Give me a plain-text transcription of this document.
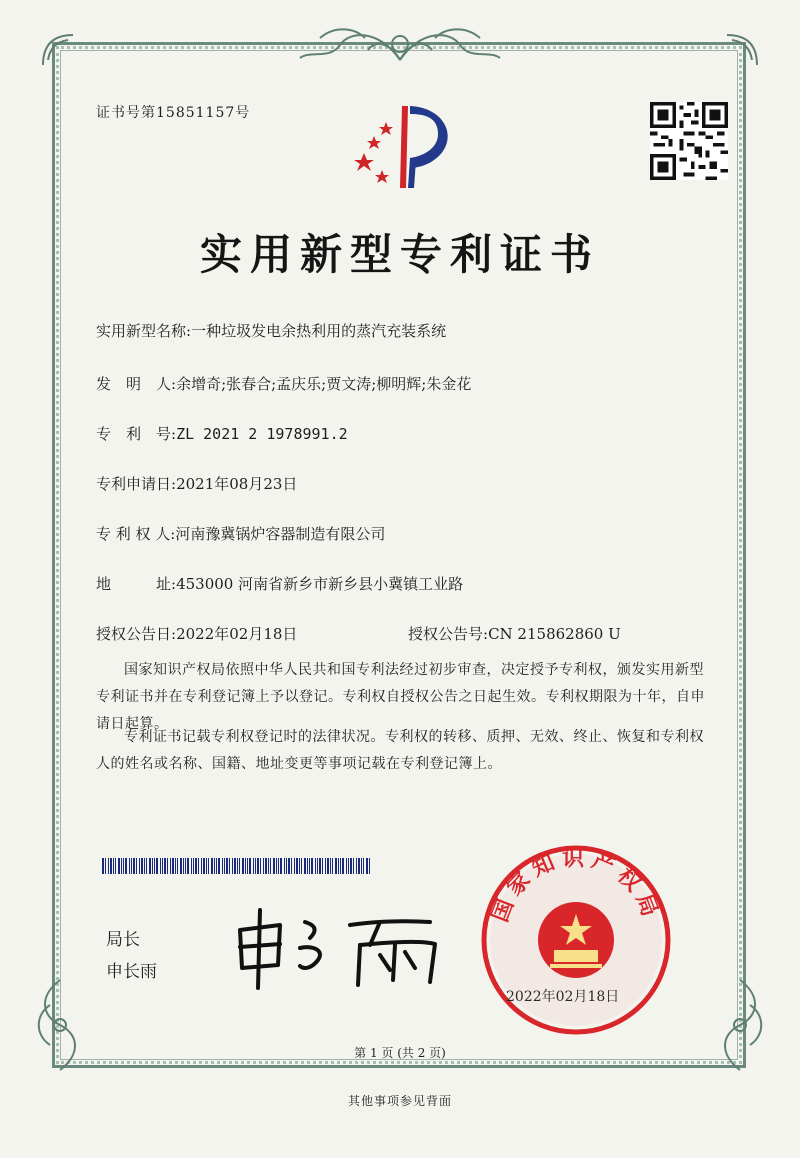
证书号第15851157号
实用新型专利证书
实用新型名称:一种垃圾发电余热利用的蒸汽充装系统
发　明　人:余增奇;张春合;孟庆乐;贾文涛;柳明辉;朱金花
专　利　号:ZL 2021 2 1978991.2
专利申请日:2021年08月23日
专 利 权 人:河南豫冀锅炉容器制造有限公司
地　　　址:453000 河南省新乡市新乡县小冀镇工业路
授权公告日:2022年02月18日	授权公告号:CN 215862860 U
国家知识产权局依照中华人民共和国专利法经过初步审查，决定授予专利权，颁发实用新型专利证书并在专利登记簿上予以登记。专利权自授权公告之日起生效。专利权期限为十年，自申请日起算。
专利证书记载专利权登记时的法律状况。专利权的转移、质押、无效、终止、恢复和专利权人的姓名或名称、国籍、地址变更等事项记载在专利登记簿上。
局长
申长雨
国家知识产权局
2022年02月18日
第 1 页 (共 2 页)
其他事项参见背面
